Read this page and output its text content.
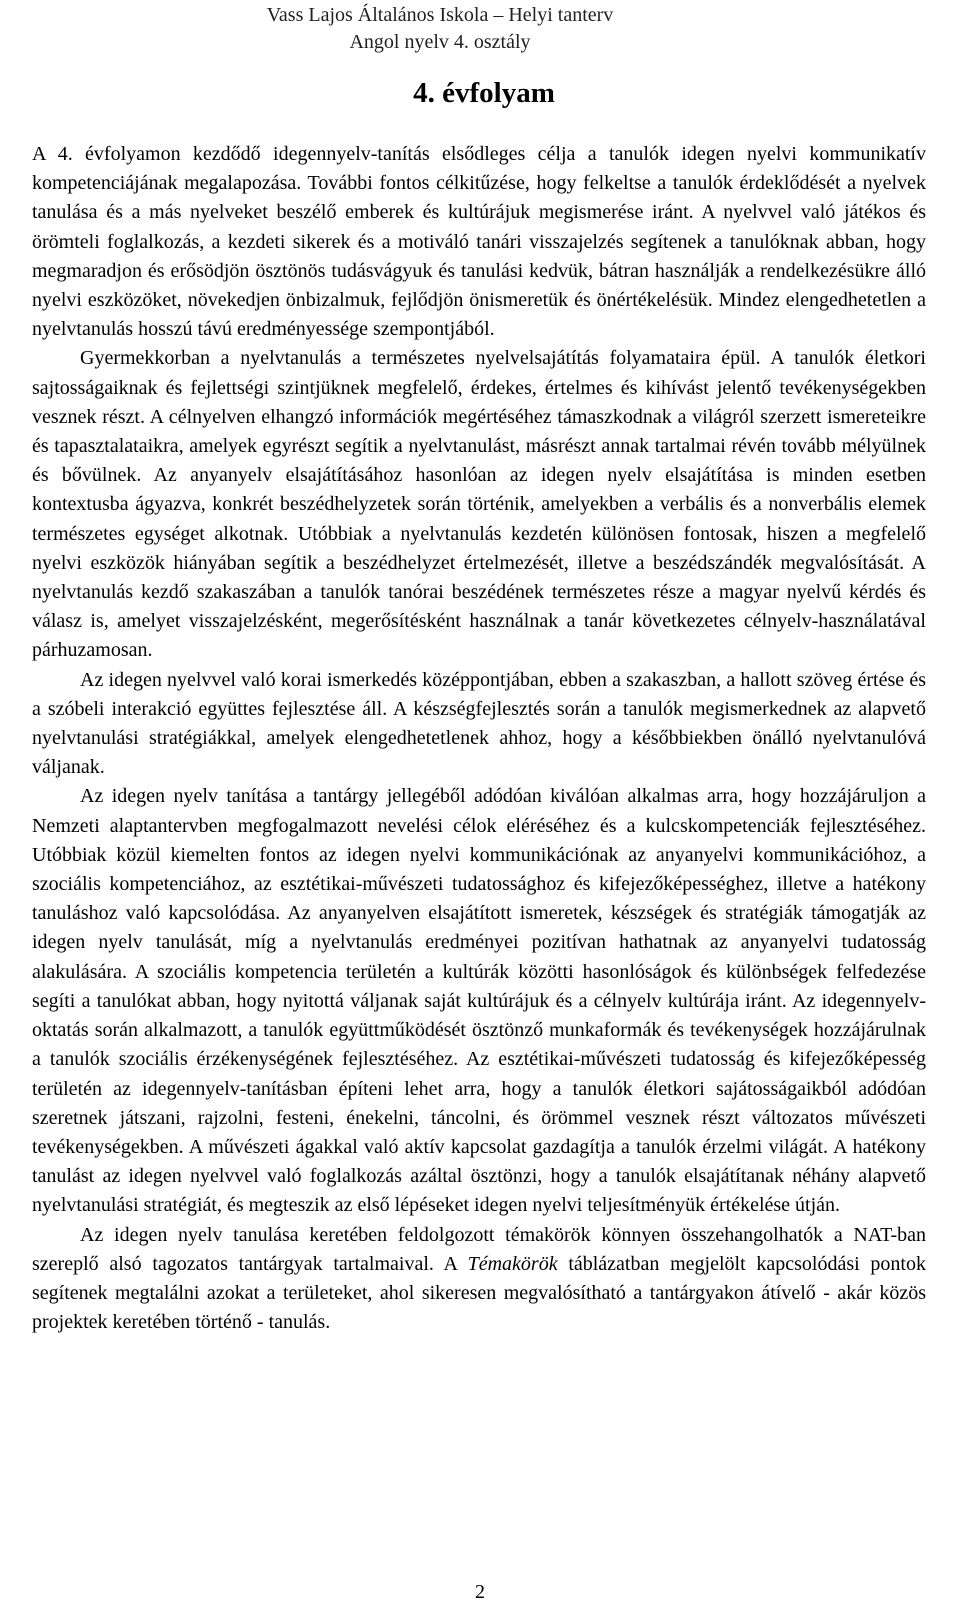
Vass Lajos Általános Iskola – Helyi tanterv
Angol nyelv 4. osztály
4. évfolyam

A 4. évfolyamon kezdődő idegennyelv-tanítás elsődleges célja a tanulók idegen nyelvi kommunikatív kompetenciájának megalapozása. További fontos célkitűzése, hogy felkeltse a tanulók érdeklődését a nyelvek tanulása és a más nyelveket beszélő emberek és kultúrájuk megismerése iránt. A nyelvvel való játékos és örömteli foglalkozás, a kezdeti sikerek és a motiváló tanári visszajelzés segítenek a tanulóknak abban, hogy megmaradjon és erősödjön ösztönös tudásvágyuk és tanulási kedvük, bátran használják a rendelkezésükre álló nyelvi eszközöket, növekedjen önbizalmuk, fejlődjön önismeretük és önértékelésük. Mindez elengedhetetlen a nyelvtanulás hosszú távú eredményessége szempontjából.

Gyermekkorban a nyelvtanulás a természetes nyelvelsajátítás folyamataira épül. A tanulók életkori sajtosságaiknak és fejlettségi szintjüknek megfelelő, érdekes, értelmes és kihívást jelentő tevékenységekben vesznek részt. A célnyelven elhangzó információk megértéséhez támaszkodnak a világról szerzett ismereteikre és tapasztalataikra, amelyek egyrészt segítik a nyelvtanulást, másrészt annak tartalmai révén tovább mélyülnek és bővülnek. Az anyanyelv elsajátításához hasonlóan az idegen nyelv elsajátítása is minden esetben kontextusba ágyazva, konkrét beszédhelyzetek során történik, amelyekben a verbális és a nonverbális elemek természetes egységet alkotnak. Utóbbiak a nyelvtanulás kezdetén különösen fontosak, hiszen a megfelelő nyelvi eszközök hiányában segítik a beszédhelyzet értelmezését, illetve a beszédszándék megvalósítását. A nyelvtanulás kezdő szakaszában a tanulók tanórai beszédének természetes része a magyar nyelvű kérdés és válasz is, amelyet visszajelzésként, megerősítésként használnak a tanár következetes célnyelv-használatával párhuzamosan.

Az idegen nyelvvel való korai ismerkedés középpontjában, ebben a szakaszban, a hallott szöveg értése és a szóbeli interakció együttes fejlesztése áll. A készségfejlesztés során a tanulók megismerkednek az alapvető nyelvtanulási stratégiákkal, amelyek elengedhetetlenek ahhoz, hogy a későbbiekben önálló nyelvtanulóvá váljanak.

Az idegen nyelv tanítása a tantárgy jellegéből adódóan kiválóan alkalmas arra, hogy hozzájáruljon a Nemzeti alaptantervben megfogalmazott nevelési célok eléréséhez és a kulcskompetenciák fejlesztéséhez. Utóbbiak közül kiemelten fontos az idegen nyelvi kommunikációnak az anyanyelvi kommunikációhoz, a szociális kompetenciához, az esztétikai-művészeti tudatossághoz és kifejezőképességhez, illetve a hatékony tanuláshoz való kapcsolódása. Az anyanyelven elsajátított ismeretek, készségek és stratégiák támogatják az idegen nyelv tanulását, míg a nyelvtanulás eredményei pozitívan hathatnak az anyanyelvi tudatosság alakulására. A szociális kompetencia területén a kultúrák közötti hasonlóságok és különbségek felfedezése segíti a tanulókat abban, hogy nyitottá váljanak saját kultúrájuk és a célnyelv kultúrája iránt. Az idegennyelv-oktatás során alkalmazott, a tanulók együttműködését ösztönző munkaformák és tevékenységek hozzájárulnak a tanulók szociális érzékenységének fejlesztéséhez. Az esztétikai-művészeti tudatosság és kifejezőképesség területén az idegennyelv-tanításban építeni lehet arra, hogy a tanulók életkori sajátosságaikból adódóan szeretnek játszani, rajzolni, festeni, énekelni, táncolni, és örömmel vesznek részt változatos művészeti tevékenységekben. A művészeti ágakkal való aktív kapcsolat gazdagítja a tanulók érzelmi világát. A hatékony tanulást az idegen nyelvvel való foglalkozás azáltal ösztönzi, hogy a tanulók elsajátítanak néhány alapvető nyelvtanulási stratégiát, és megteszik az első lépéseket idegen nyelvi teljesítményük értékelése útján.

Az idegen nyelv tanulása keretében feldolgozott témakörök könnyen összehangolhatók a NAT-ban szereplő alsó tagozatos tantárgyak tartalmaival. A Témakörök táblázatban megjelölt kapcsolódási pontok segítenek megtalálni azokat a területeket, ahol sikeresen megvalósítható a tantárgyakon átívelő - akár közös projektek keretében történő - tanulás.

2
